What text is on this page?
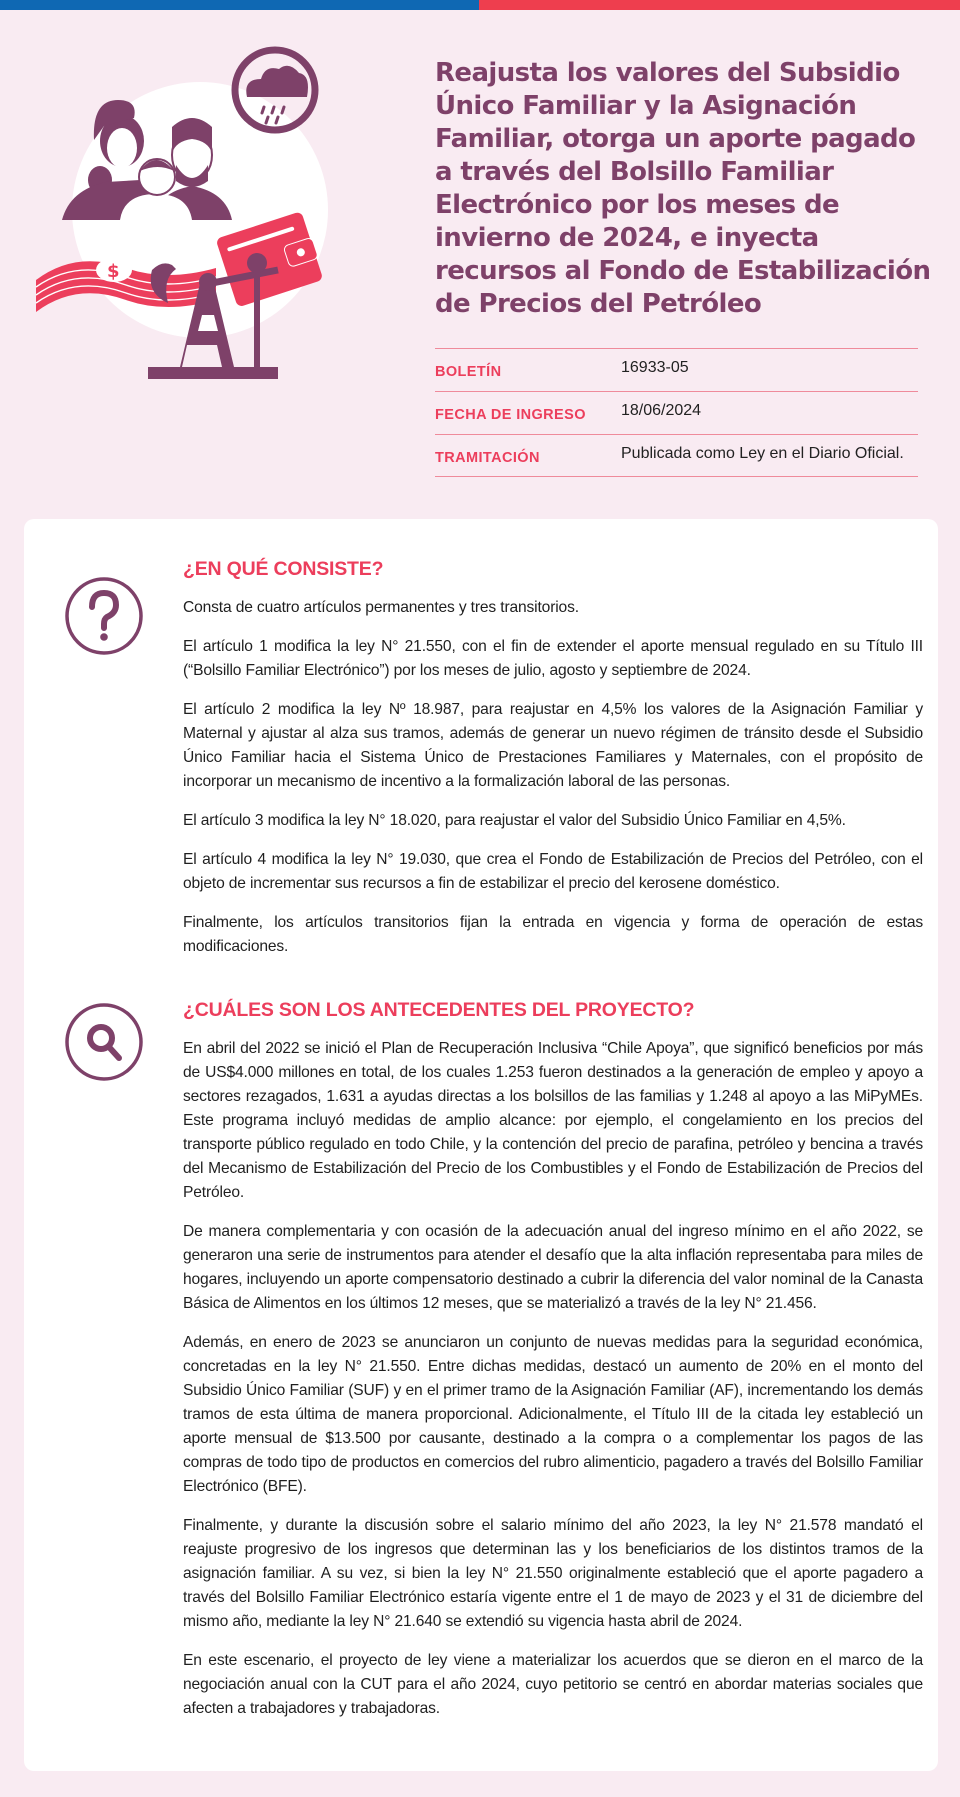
$
Reajusta los valores del Subsidio Único Familiar y la Asignación Familiar, otorga un aporte pagado a través del Bolsillo Familiar Electrónico por los meses de invierno de 2024, e inyecta recursos al Fondo de Estabilización de Precios del Petróleo
BOLETÍN	16933-05
FECHA DE INGRESO	18/06/2024
TRAMITACIÓN	Publicada como Ley en el Diario Oficial.
¿EN QUÉ CONSISTE?

Consta de cuatro artículos permanentes y tres transitorios.

El artículo 1 modifica la ley N° 21.550, con el fin de extender el aporte mensual regulado en su Título III (“Bolsillo Familiar Electrónico”) por los meses de julio, agosto y septiembre de 2024.

El artículo 2 modifica la ley Nº 18.987, para reajustar en 4,5% los valores de la Asignación Familiar y Maternal y ajustar al alza sus tramos, además de generar un nuevo régimen de tránsito desde el Subsidio Único Familiar hacia el Sistema Único de Prestaciones Familiares y Maternales, con el propósito de incorporar un mecanismo de incentivo a la formalización laboral de las personas.

El artículo 3 modifica la ley N° 18.020, para reajustar el valor del Subsidio Único Familiar en 4,5%.

El artículo 4 modifica la ley N° 19.030, que crea el Fondo de Estabilización de Precios del Petróleo, con el objeto de incrementar sus recursos a fin de estabilizar el precio del kerosene doméstico.

Finalmente, los artículos transitorios fijan la entrada en vigencia y forma de operación de estas modificaciones.

¿CUÁLES SON LOS ANTECEDENTES DEL PROYECTO?

En abril del 2022 se inició el Plan de Recuperación Inclusiva “Chile Apoya”, que significó beneficios por más de US$4.000 millones en total, de los cuales 1.253 fueron destinados a la generación de empleo y apoyo a sectores rezagados, 1.631 a ayudas directas a los bolsillos de las familias y 1.248 al apoyo a las MiPyMEs. Este programa incluyó medidas de amplio alcance: por ejemplo, el congelamiento en los precios del transporte público regulado en todo Chile, y la contención del precio de parafina, petróleo y bencina a través del Mecanismo de Estabilización del Precio de los Combustibles y el Fondo de Estabilización de Precios del Petróleo.

De manera complementaria y con ocasión de la adecuación anual del ingreso mínimo en el año 2022, se generaron una serie de instrumentos para atender el desafío que la alta inflación representaba para miles de hogares, incluyendo un aporte compensatorio destinado a cubrir la diferencia del valor nominal de la Canasta Básica de Alimentos en los últimos 12 meses, que se materializó a través de la ley N° 21.456.

Además, en enero de 2023 se anunciaron un conjunto de nuevas medidas para la seguridad económica, concretadas en la ley N° 21.550. Entre dichas medidas, destacó un aumento de 20% en el monto del Subsidio Único Familiar (SUF) y en el primer tramo de la Asignación Familiar (AF), incrementando los demás tramos de esta última de manera proporcional. Adicionalmente, el Título III de la citada ley estableció un aporte mensual de $13.500 por causante, destinado a la compra o a complementar los pagos de las compras de todo tipo de productos en comercios del rubro alimenticio, pagadero a través del Bolsillo Familiar Electrónico (BFE).

Finalmente, y durante la discusión sobre el salario mínimo del año 2023, la ley N° 21.578 mandató el reajuste progresivo de los ingresos que determinan las y los beneficiarios de los distintos tramos de la asignación familiar. A su vez, si bien la ley N° 21.550 originalmente estableció que el aporte pagadero a través del Bolsillo Familiar Electrónico estaría vigente entre el 1 de mayo de 2023 y el 31 de diciembre del mismo año, mediante la ley N° 21.640 se extendió su vigencia hasta abril de 2024.

En este escenario, el proyecto de ley viene a materializar los acuerdos que se dieron en el marco de la negociación anual con la CUT para el año 2024, cuyo petitorio se centró en abordar materias sociales que afecten a trabajadores y trabajadoras.
